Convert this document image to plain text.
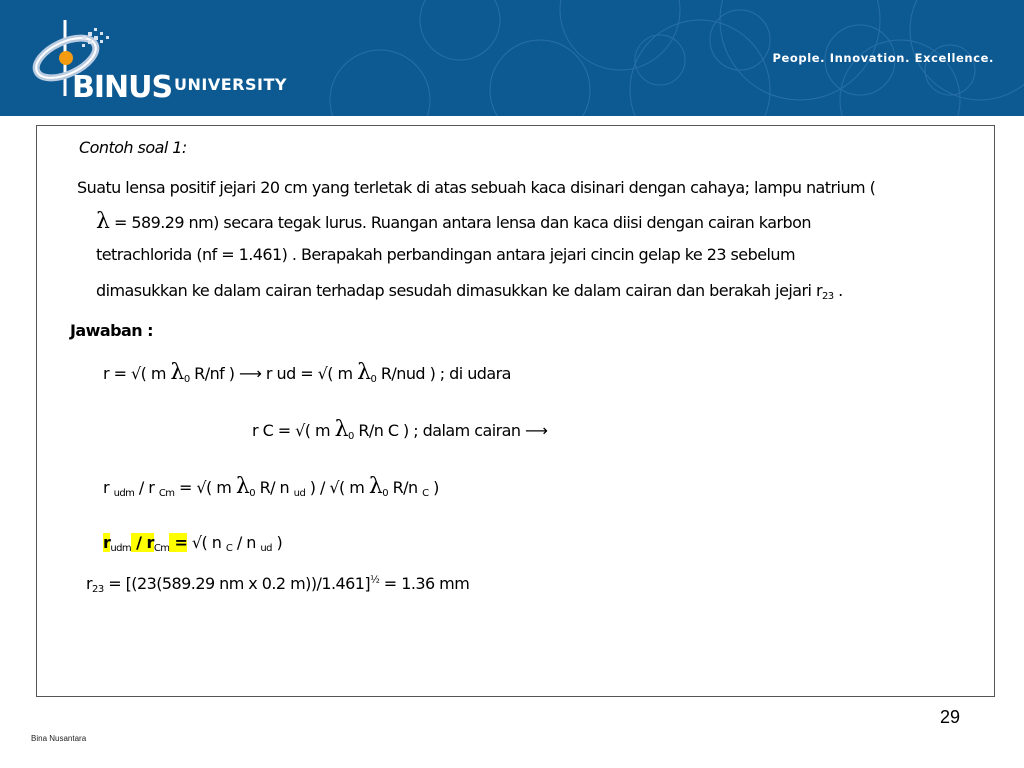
BINUS UNIVERSITY
People. Innovation. Excellence.
Contoh soal 1:
Suatu lensa positif jejari 20 cm yang terletak di atas sebuah kaca disinari dengan cahaya; lampu natrium (
λ = 589.29 nm) secara tegak lurus. Ruangan antara lensa dan kaca diisi dengan cairan karbon
tetrachlorida (nf = 1.461) . Berapakah perbandingan antara jejari cincin gelap ke 23 sebelum
dimasukkan ke dalam cairan terhadap sesudah dimasukkan ke dalam cairan dan berakah jejari $r_{23}$ .
Jawaban :
r = √( m $\lambda_0$ R/nf ) ⟶ r ud = √( m $\lambda_0$ R/nud ) ; di udara
r C = √( m $\lambda_0$ R/n C ) ; dalam cairan ⟶
r $_{udm}$ / r $_{Cm}$ = √( m $\lambda_0$ R/ n $_{ud}$ ) / √( m $\lambda_0$ R/n $_C$ )
$r_{udm} / r_{Cm}$ = √( n $_C$ / n $_{ud}$ )
$r_{23} = [(23(589.29$ nm x 0.2 m))/1.461]$^{\frac{1}{2}}$ = 1.36 mm
29
Bina Nusantara
